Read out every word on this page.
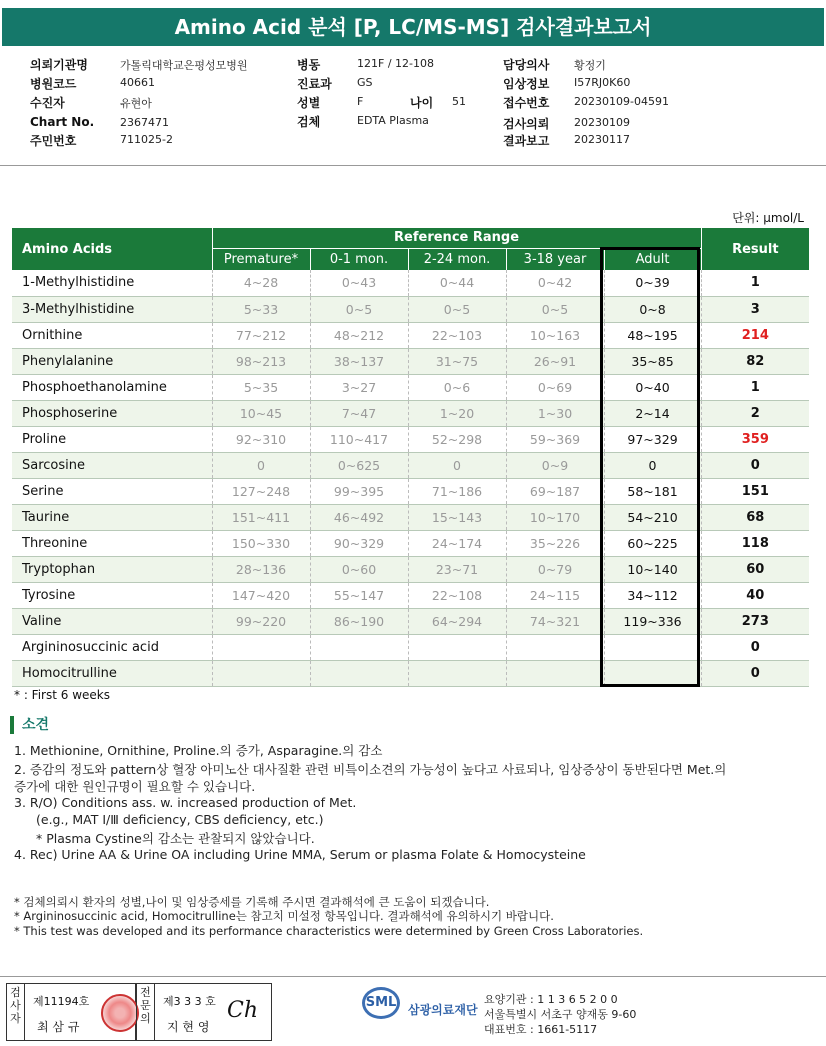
Amino Acid 분석 [P, LC/MS-MS] 검사결과보고서
의뢰기관명	가톨릭대학교은평성모병원
병원코드	40661
수진자	유현아
Chart No. 2367471
주민번호	711025-2
병동	121F / 12-108
진료과 GS
성별	F	나이 51
검체	EDTA Plasma
담당의사 황정기
임상정보 I57RJ0K60
접수번호 20230109-04591
검사의뢰 20230109
결과보고 20230117
단위: μmol/L
Amino Acids	Reference Range					Result
	Premature*	0-1 mon.	2-24 mon.	3-18 year	Adult	
1-Methylhistidine	4~28	0~43	0~44	0~42	0~39	1
3-Methylhistidine	5~33	0~5	0~5	0~5	0~8	3
Ornithine	77~212	48~212	22~103	10~163	48~195	214
Phenylalanine	98~213	38~137	31~75	26~91	35~85	82
Phosphoethanolamine	5~35	3~27	0~6	0~69	0~40	1
Phosphoserine	10~45	7~47	1~20	1~30	2~14	2
Proline	92~310	110~417	52~298	59~369	97~329	359
Sarcosine	0	0~625	0	0~9	0	0
Serine	127~248	99~395	71~186	69~187	58~181	151
Taurine	151~411	46~492	15~143	10~170	54~210	68
Threonine	150~330	90~329	24~174	35~226	60~225	118
Tryptophan	28~136	0~60	23~71	0~79	10~140	60
Tyrosine	147~420	55~147	22~108	24~115	34~112	40
Valine	99~220	86~190	64~294	74~321	119~336	273
Argininosuccinic acid						0
Homocitrulline						0
* : First 6 weeks
소견
1. Methionine, Ornithine, Proline.의 증가, Asparagine.의 감소
2. 증감의 정도와 pattern상 혈장 아미노산 대사질환 관련 비특이소견의 가능성이 높다고 사료되나, 임상증상이 동반된다면 Met.의
증가에 대한 원인규명이 필요할 수 있습니다.
3. R/O) Conditions ass. w. increased production of Met.
(e.g., MAT Ⅰ/Ⅲ deficiency, CBS deficiency, etc.)
* Plasma Cystine의 감소는 관찰되지 않았습니다.
4. Rec) Urine AA & Urine OA including Urine MMA, Serum or plasma Folate & Homocysteine
* 검체의뢰시 환자의 성별,나이 및 임상증세를 기록해 주시면 결과해석에 큰 도움이 되겠습니다.
* Argininosuccinic acid, Homocitrulline는 참고치 미설정 항목입니다. 결과해석에 유의하시기 바랍니다.
* This test was developed and its performance characteristics were determined by Green Cross Laboratories.
검사자
제11194호
최 삼 규
전문의
제3 3 3 호
지 현 영
Ch	SML 삼광의료재단
요양기관 : 1 1 3 6 5 2 0 0
서울특별시 서초구 양재동 9-60
대표번호 : 1661-5117
